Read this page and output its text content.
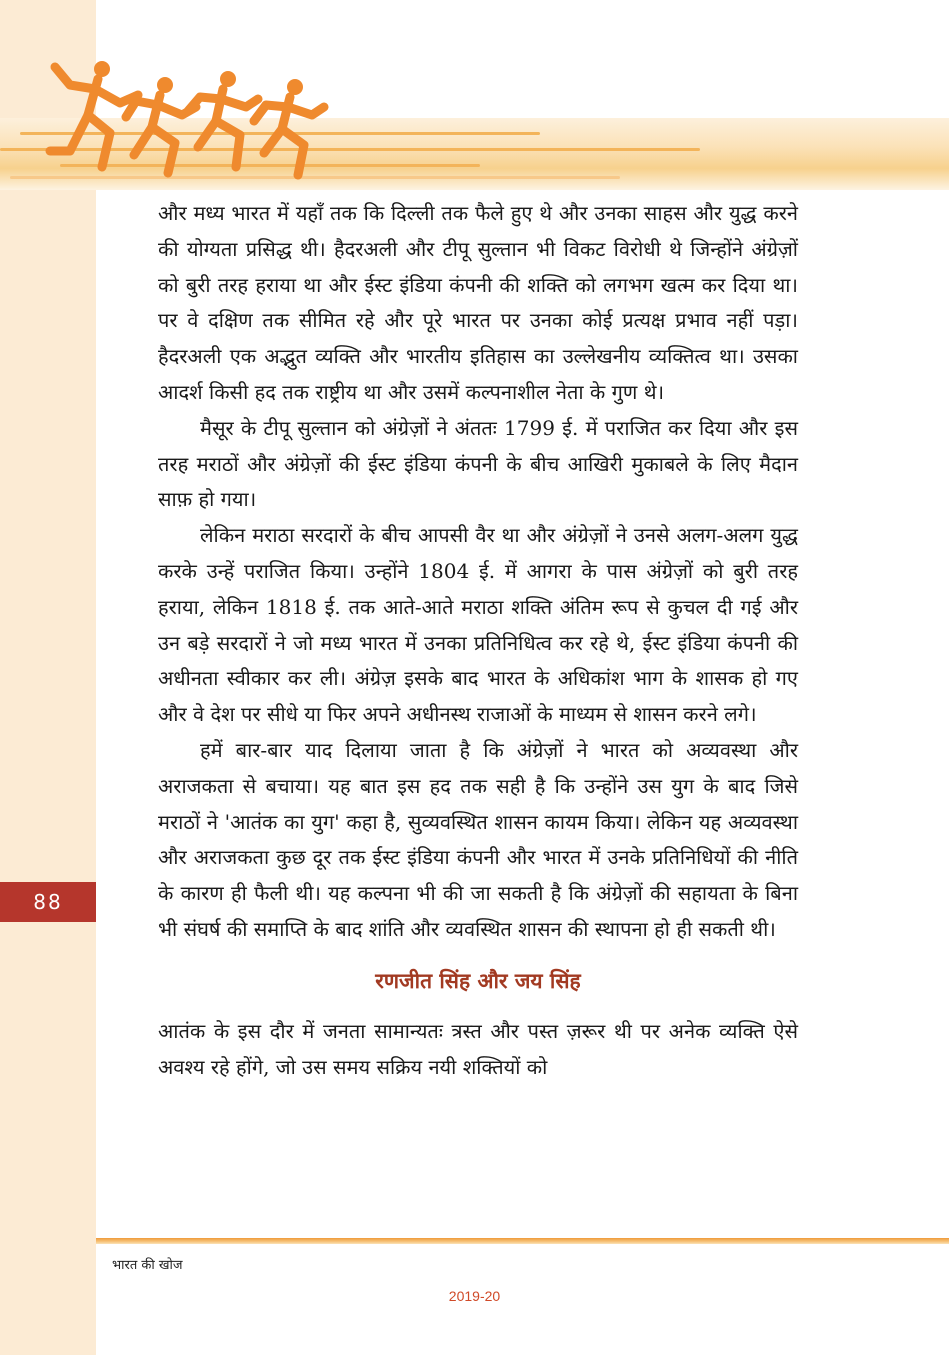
88

और मध्य भारत में यहाँ तक कि दिल्ली तक फैले हुए थे और उनका साहस और युद्ध करने की योग्यता प्रसिद्ध थी। हैदरअली और टीपू सुल्तान भी विकट विरोधी थे जिन्होंने अंग्रेज़ों को बुरी तरह हराया था और ईस्ट इंडिया कंपनी की शक्ति को लगभग खत्म कर दिया था। पर वे दक्षिण तक सीमित रहे और पूरे भारत पर उनका कोई प्रत्यक्ष प्रभाव नहीं पड़ा। हैदरअली एक अद्भुत व्यक्ति और भारतीय इतिहास का उल्लेखनीय व्यक्तित्व था। उसका आदर्श किसी हद तक राष्ट्रीय था और उसमें कल्पनाशील नेता के गुण थे।

मैसूर के टीपू सुल्तान को अंग्रेज़ों ने अंततः 1799 ई. में पराजित कर दिया और इस तरह मराठों और अंग्रेज़ों की ईस्ट इंडिया कंपनी के बीच आखिरी मुकाबले के लिए मैदान साफ़ हो गया।

लेकिन मराठा सरदारों के बीच आपसी वैर था और अंग्रेज़ों ने उनसे अलग-अलग युद्ध करके उन्हें पराजित किया। उन्होंने 1804 ई. में आगरा के पास अंग्रेज़ों को बुरी तरह हराया, लेकिन 1818 ई. तक आते-आते मराठा शक्ति अंतिम रूप से कुचल दी गई और उन बड़े सरदारों ने जो मध्य भारत में उनका प्रतिनिधित्व कर रहे थे, ईस्ट इंडिया कंपनी की अधीनता स्वीकार कर ली। अंग्रेज़ इसके बाद भारत के अधिकांश भाग के शासक हो गए और वे देश पर सीधे या फिर अपने अधीनस्थ राजाओं के माध्यम से शासन करने लगे।

हमें बार-बार याद दिलाया जाता है कि अंग्रेज़ों ने भारत को अव्यवस्था और अराजकता से बचाया। यह बात इस हद तक सही है कि उन्होंने उस युग के बाद जिसे मराठों ने 'आतंक का युग' कहा है, सुव्यवस्थित शासन कायम किया। लेकिन यह अव्यवस्था और अराजकता कुछ दूर तक ईस्ट इंडिया कंपनी और भारत में उनके प्रतिनिधियों की नीति के कारण ही फैली थी। यह कल्पना भी की जा सकती है कि अंग्रेज़ों की सहायता के बिना भी संघर्ष की समाप्ति के बाद शांति और व्यवस्थित शासन की स्थापना हो ही सकती थी।

रणजीत सिंह और जय सिंह

आतंक के इस दौर में जनता सामान्यतः त्रस्त और पस्त ज़रूर थी पर अनेक व्यक्ति ऐसे अवश्य रहे होंगे, जो उस समय सक्रिय नयी शक्तियों को

भारत की खोज
2019-20
